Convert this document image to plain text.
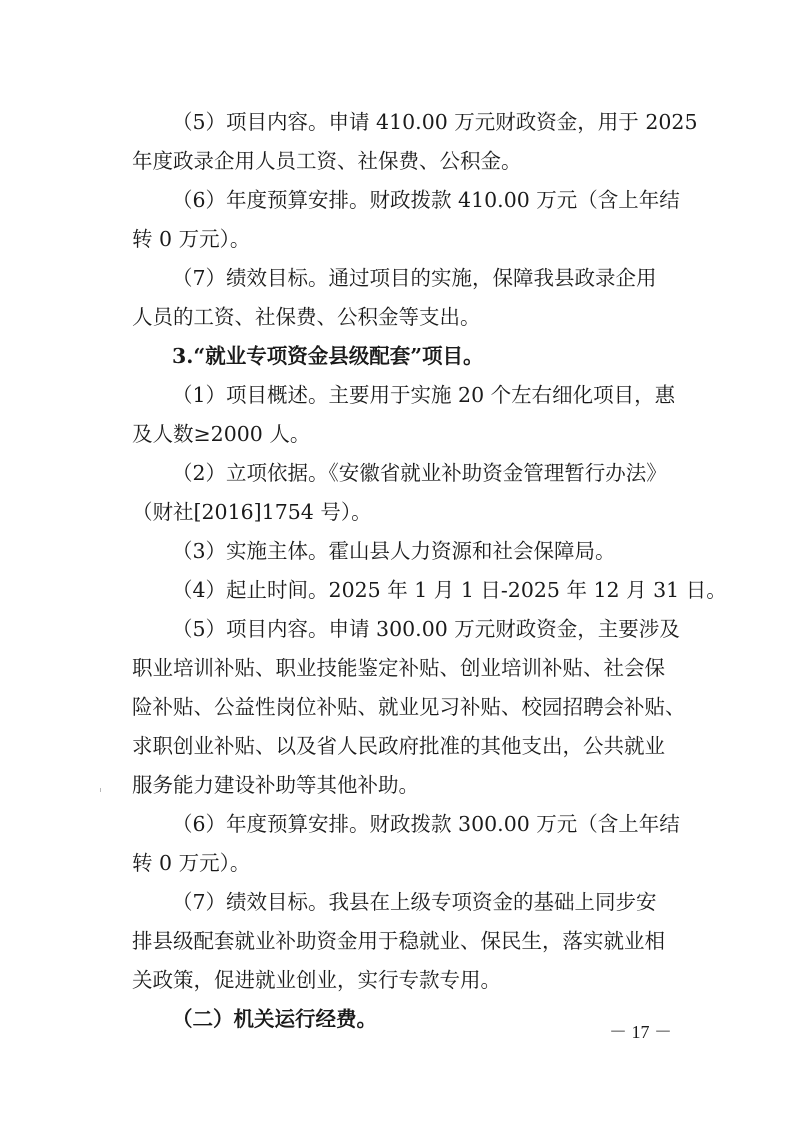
（5）项目内容。申请 410.00 万元财政资金，用于 2025
年度政录企用人员工资、社保费、公积金。
（6）年度预算安排。财政拨款 410.00 万元（含上年结
转 0 万元）。
（7）绩效目标。通过项目的实施，保障我县政录企用
人员的工资、社保费、公积金等支出。
3.“就业专项资金县级配套”项目。
（1）项目概述。主要用于实施 20 个左右细化项目，惠
及人数≥2000 人。
（2）立项依据。《安徽省就业补助资金管理暂行办法》
（财社[2016]1754 号）。
（3）实施主体。霍山县人力资源和社会保障局。
（4）起止时间。2025 年 1 月 1 日-2025 年 12 月 31 日。
（5）项目内容。申请 300.00 万元财政资金，主要涉及
职业培训补贴、职业技能鉴定补贴、创业培训补贴、社会保
险补贴、公益性岗位补贴、就业见习补贴、校园招聘会补贴、
求职创业补贴、以及省人民政府批准的其他支出，公共就业
服务能力建设补助等其他补助。
（6）年度预算安排。财政拨款 300.00 万元（含上年结
转 0 万元）。
（7）绩效目标。我县在上级专项资金的基础上同步安
排县级配套就业补助资金用于稳就业、保民生，落实就业相
关政策，促进就业创业，实行专款专用。
（二）机关运行经费。
－ 17 －
